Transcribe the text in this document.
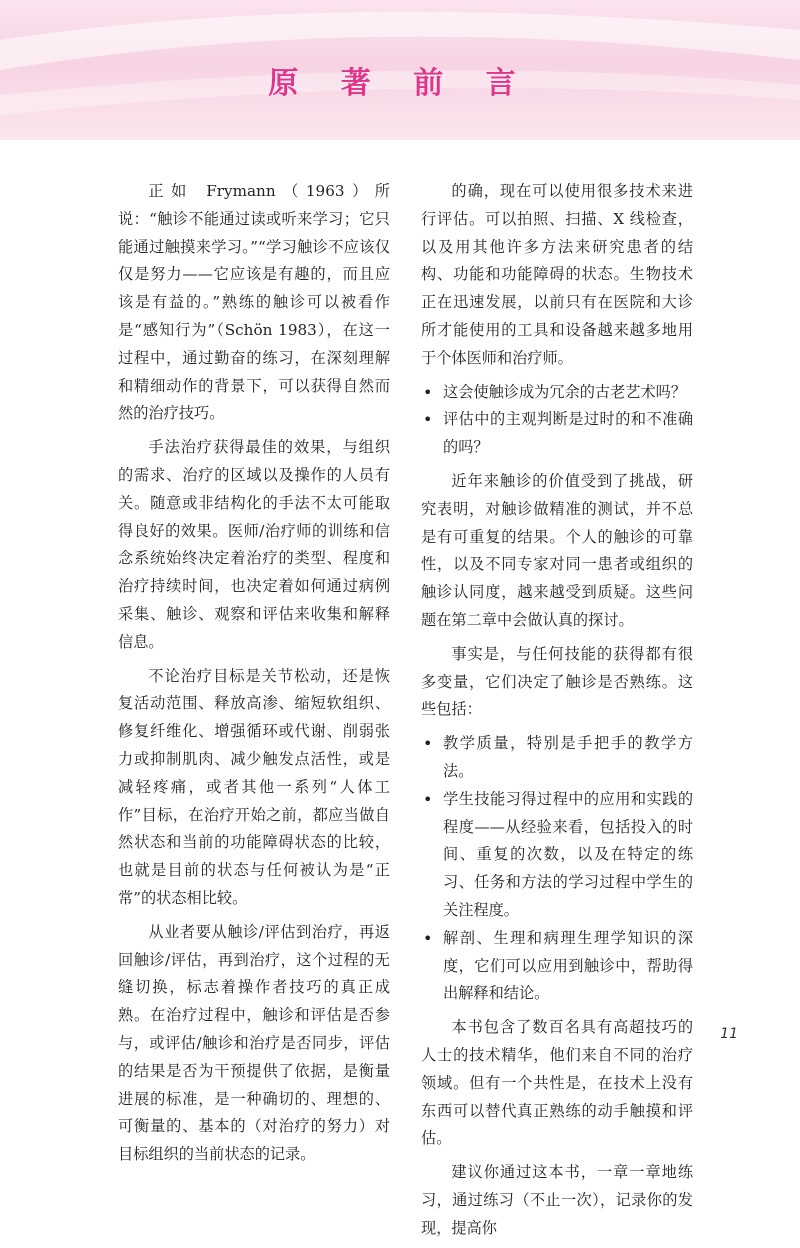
原 著 前 言

正如 Frymann（1963）所说：“触诊不能通过读或听来学习；它只能通过触摸来学习。”“学习触诊不应该仅仅是努力——它应该是有趣的，而且应该是有益的。”熟练的触诊可以被看作是“感知行为”（Schön 1983），在这一过程中，通过勤奋的练习，在深刻理解和精细动作的背景下，可以获得自然而然的治疗技巧。

手法治疗获得最佳的效果，与组织的需求、治疗的区域以及操作的人员有关。随意或非结构化的手法不太可能取得良好的效果。医师/治疗师的训练和信念系统始终决定着治疗的类型、程度和治疗持续时间，也决定着如何通过病例采集、触诊、观察和评估来收集和解释信息。

不论治疗目标是关节松动，还是恢复活动范围、释放高渗、缩短软组织、修复纤维化、增强循环或代谢、削弱张力或抑制肌肉、减少触发点活性，或是减轻疼痛，或者其他一系列“人体工作”目标，在治疗开始之前，都应当做自然状态和当前的功能障碍状态的比较，也就是目前的状态与任何被认为是“正常”的状态相比较。

从业者要从触诊/评估到治疗，再返回触诊/评估，再到治疗，这个过程的无缝切换，标志着操作者技巧的真正成熟。在治疗过程中，触诊和评估是否参与，或评估/触诊和治疗是否同步，评估的结果是否为干预提供了依据，是衡量进展的标准，是一种确切的、理想的、可衡量的、基本的（对治疗的努力）对目标组织的当前状态的记录。

的确，现在可以使用很多技术来进行评估。可以拍照、扫描、X 线检查，以及用其他许多方法来研究患者的结构、功能和功能障碍的状态。生物技术正在迅速发展，以前只有在医院和大诊所才能使用的工具和设备越来越多地用于个体医师和治疗师。

• 这会使触诊成为冗余的古老艺术吗？
• 评估中的主观判断是过时的和不准确的吗？

近年来触诊的价值受到了挑战，研究表明，对触诊做精准的测试，并不总是有可重复的结果。个人的触诊的可靠性，以及不同专家对同一患者或组织的触诊认同度，越来越受到质疑。这些问题在第二章中会做认真的探讨。

事实是，与任何技能的获得都有很多变量，它们决定了触诊是否熟练。这些包括：

• 教学质量，特别是手把手的教学方法。
• 学生技能习得过程中的应用和实践的程度——从经验来看，包括投入的时间、重复的次数，以及在特定的练习、任务和方法的学习过程中学生的关注程度。
• 解剖、生理和病理生理学知识的深度，它们可以应用到触诊中，帮助得出解释和结论。

本书包含了数百名具有高超技巧的人士的技术精华，他们来自不同的治疗领域。但有一个共性是，在技术上没有东西可以替代真正熟练的动手触摸和评估。

建议你通过这本书，一章一章地练习，通过练习（不止一次），记录你的发现，提高你

11
